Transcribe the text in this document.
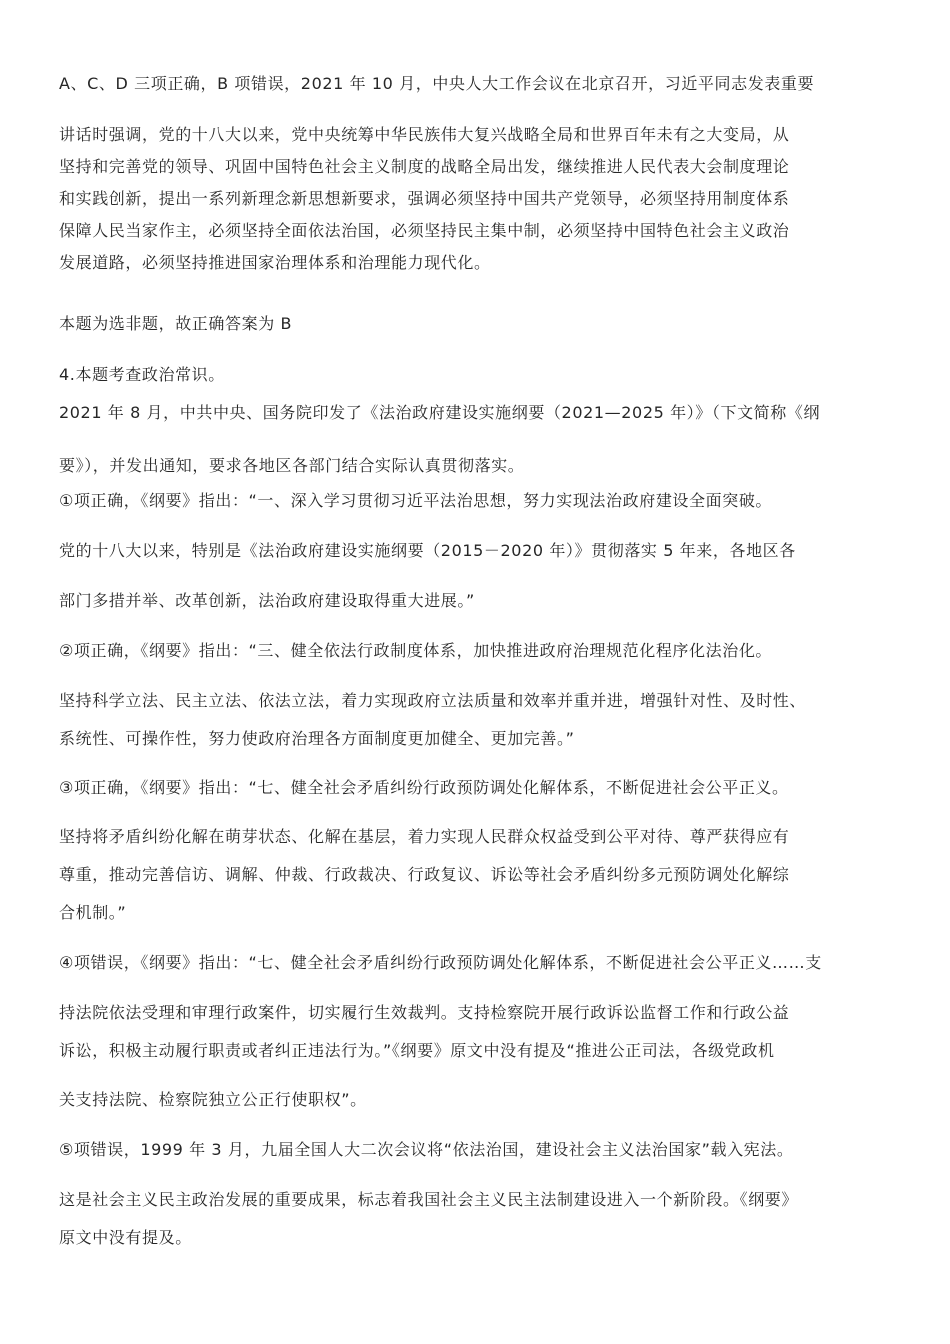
A、C、D 三项正确，B 项错误，2021 年 10 月，中央人大工作会议在北京召开，习近平同志发表重要
讲话时强调，党的十八大以来，党中央统筹中华民族伟大复兴战略全局和世界百年未有之大变局，从
坚持和完善党的领导、巩固中国特色社会主义制度的战略全局出发，继续推进人民代表大会制度理论
和实践创新，提出一系列新理念新思想新要求，强调必须坚持中国共产党领导，必须坚持用制度体系
保障人民当家作主，必须坚持全面依法治国，必须坚持民主集中制，必须坚持中国特色社会主义政治
发展道路，必须坚持推进国家治理体系和治理能力现代化。
本题为选非题，故正确答案为 B
4.本题考查政治常识。
2021 年 8 月，中共中央、国务院印发了《法治政府建设实施纲要（2021—2025 年）》（下文简称《纲
要》），并发出通知，要求各地区各部门结合实际认真贯彻落实。
①项正确，《纲要》指出：“一、深入学习贯彻习近平法治思想，努力实现法治政府建设全面突破。
党的十八大以来，特别是《法治政府建设实施纲要（2015－2020 年）》贯彻落实 5 年来，各地区各
部门多措并举、改革创新，法治政府建设取得重大进展。”
②项正确，《纲要》指出：“三、健全依法行政制度体系，加快推进政府治理规范化程序化法治化。
坚持科学立法、民主立法、依法立法，着力实现政府立法质量和效率并重并进，增强针对性、及时性、
系统性、可操作性，努力使政府治理各方面制度更加健全、更加完善。”
③项正确，《纲要》指出：“七、健全社会矛盾纠纷行政预防调处化解体系，不断促进社会公平正义。
坚持将矛盾纠纷化解在萌芽状态、化解在基层，着力实现人民群众权益受到公平对待、尊严获得应有
尊重，推动完善信访、调解、仲裁、行政裁决、行政复议、诉讼等社会矛盾纠纷多元预防调处化解综
合机制。”
④项错误，《纲要》指出：“七、健全社会矛盾纠纷行政预防调处化解体系，不断促进社会公平正义……支
持法院依法受理和审理行政案件，切实履行生效裁判。支持检察院开展行政诉讼监督工作和行政公益
诉讼，积极主动履行职责或者纠正违法行为。”《纲要》原文中没有提及“推进公正司法，各级党政机
关支持法院、检察院独立公正行使职权”。
⑤项错误，1999 年 3 月，九届全国人大二次会议将“依法治国，建设社会主义法治国家”载入宪法。
这是社会主义民主政治发展的重要成果，标志着我国社会主义民主法制建设进入一个新阶段。《纲要》
原文中没有提及。
